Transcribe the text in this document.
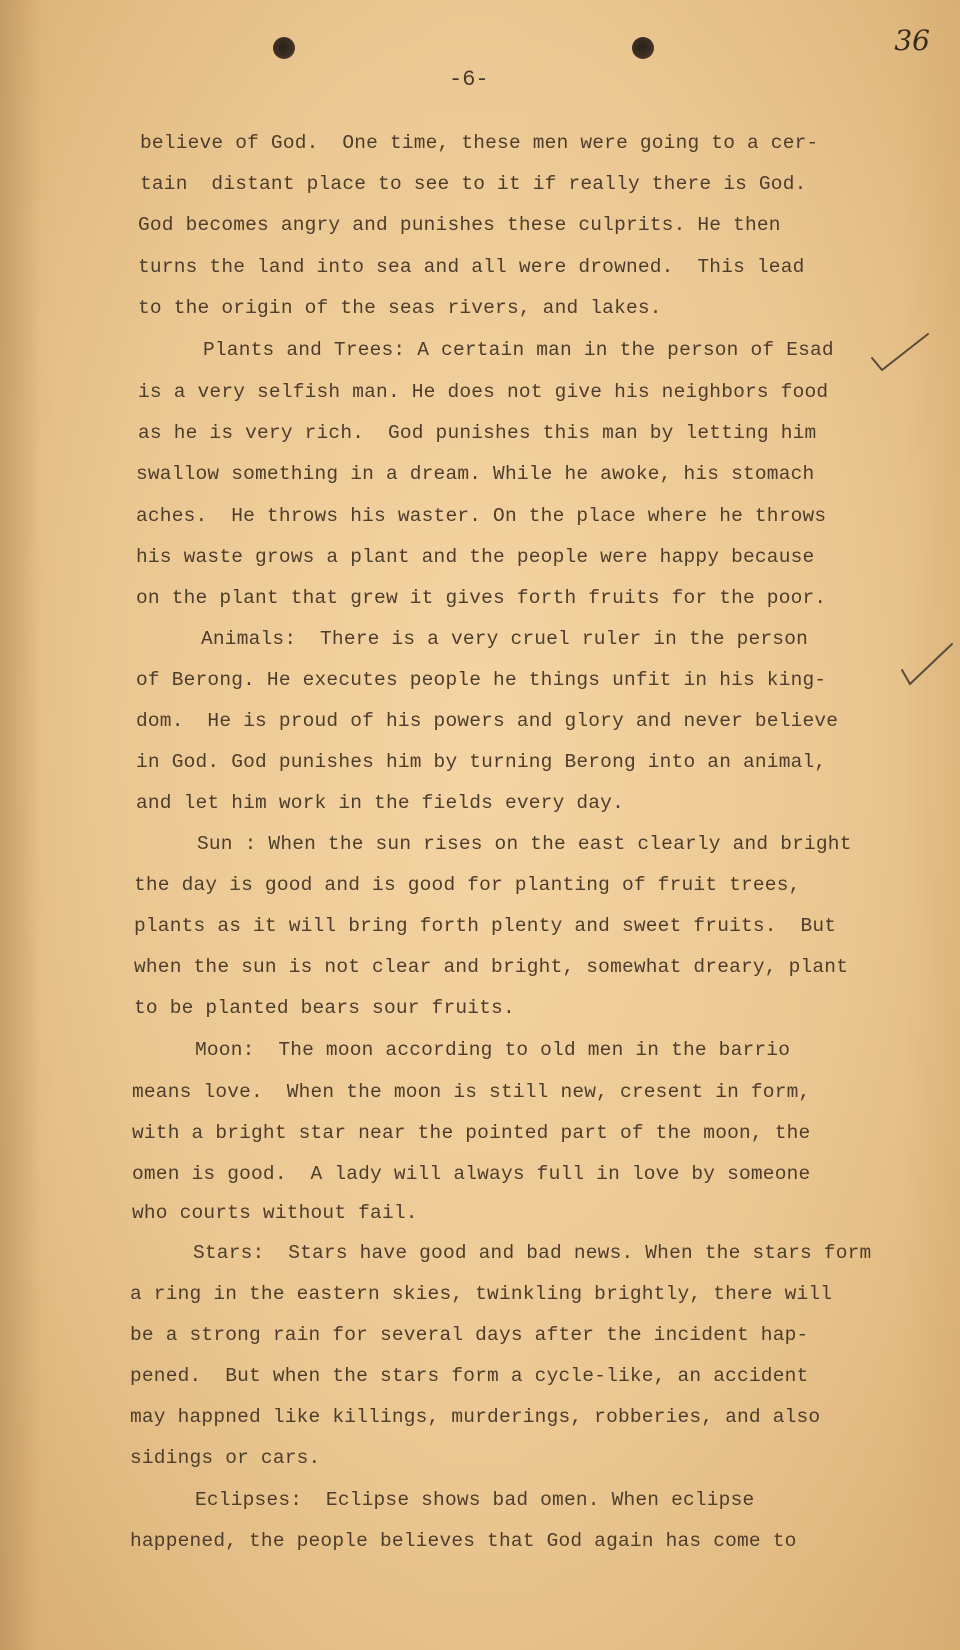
36
-6-
believe of God.  One time, these men were going to a cer-
tain  distant place to see to it if really there is God.
God becomes angry and punishes these culprits. He then
turns the land into sea and all were drowned.  This lead
to the origin of the seas rivers, and lakes.
Plants and Trees: A certain man in the person of Esad
is a very selfish man. He does not give his neighbors food
as he is very rich.  God punishes this man by letting him
swallow something in a dream. While he awoke, his stomach
aches.  He throws his waster. On the place where he throws
his waste grows a plant and the people were happy because
on the plant that grew it gives forth fruits for the poor.
Animals:  There is a very cruel ruler in the person
of Berong. He executes people he things unfit in his king-
dom.  He is proud of his powers and glory and never believe
in God. God punishes him by turning Berong into an animal,
and let him work in the fields every day.
Sun : When the sun rises on the east clearly and bright
the day is good and is good for planting of fruit trees,
plants as it will bring forth plenty and sweet fruits.  But
when the sun is not clear and bright, somewhat dreary, plant
to be planted bears sour fruits.
Moon:  The moon according to old men in the barrio
means love.  When the moon is still new, cresent in form,
with a bright star near the pointed part of the moon, the
omen is good.  A lady will always full in love by someone
who courts without fail.
Stars:  Stars have good and bad news. When the stars form
a ring in the eastern skies, twinkling brightly, there will
be a strong rain for several days after the incident hap-
pened.  But when the stars form a cycle-like, an accident
may happned like killings, murderings, robberies, and also
sidings or cars.
Eclipses:  Eclipse shows bad omen. When eclipse
happened, the people believes that God again has come to
